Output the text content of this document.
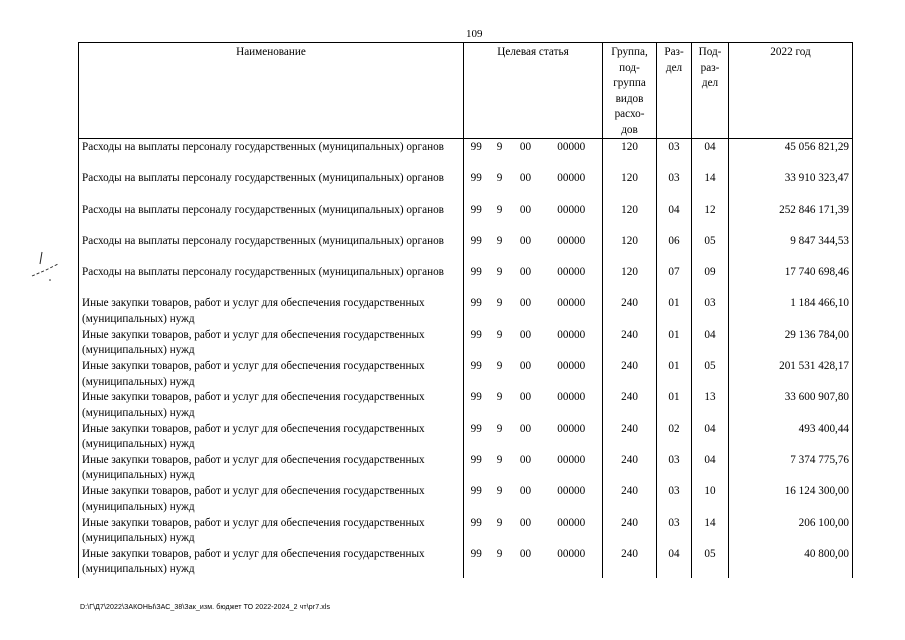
109
Наименование	Целевая статья				Группа, под- группа видов расхо- дов	Раз- дел	Под- раз- дел	2022 год
Расходы на выплаты персоналу государственных (муниципальных) органов	99	9	00	00000	120	03	04	45 056 821,29
Расходы на выплаты персоналу государственных (муниципальных) органов	99	9	00	00000	120	03	14	33 910 323,47
Расходы на выплаты персоналу государственных (муниципальных) органов	99	9	00	00000	120	04	12	252 846 171,39
Расходы на выплаты персоналу государственных (муниципальных) органов	99	9	00	00000	120	06	05	9 847 344,53
Расходы на выплаты персоналу государственных (муниципальных) органов	99	9	00	00000	120	07	09	17 740 698,46
Иные закупки товаров, работ и услуг для обеспечения государственных (муниципальных) нужд	99	9	00	00000	240	01	03	1 184 466,10
Иные закупки товаров, работ и услуг для обеспечения государственных (муниципальных) нужд	99	9	00	00000	240	01	04	29 136 784,00
Иные закупки товаров, работ и услуг для обеспечения государственных (муниципальных) нужд	99	9	00	00000	240	01	05	201 531 428,17
Иные закупки товаров, работ и услуг для обеспечения государственных (муниципальных) нужд	99	9	00	00000	240	01	13	33 600 907,80
Иные закупки товаров, работ и услуг для обеспечения государственных (муниципальных) нужд	99	9	00	00000	240	02	04	493 400,44
Иные закупки товаров, работ и услуг для обеспечения государственных (муниципальных) нужд	99	9	00	00000	240	03	04	7 374 775,76
Иные закупки товаров, работ и услуг для обеспечения государственных (муниципальных) нужд	99	9	00	00000	240	03	10	16 124 300,00
Иные закупки товаров, работ и услуг для обеспечения государственных (муниципальных) нужд	99	9	00	00000	240	03	14	206 100,00
Иные закупки товаров, работ и услуг для обеспечения государственных (муниципальных) нужд	99	9	00	00000	240	04	05	40 800,00
D:\Г\Д7\2022\ЗАКОНЫ\ЗАС_38\Зак_изм. бюджет ТО 2022-2024_2 чт\pr7.xls
